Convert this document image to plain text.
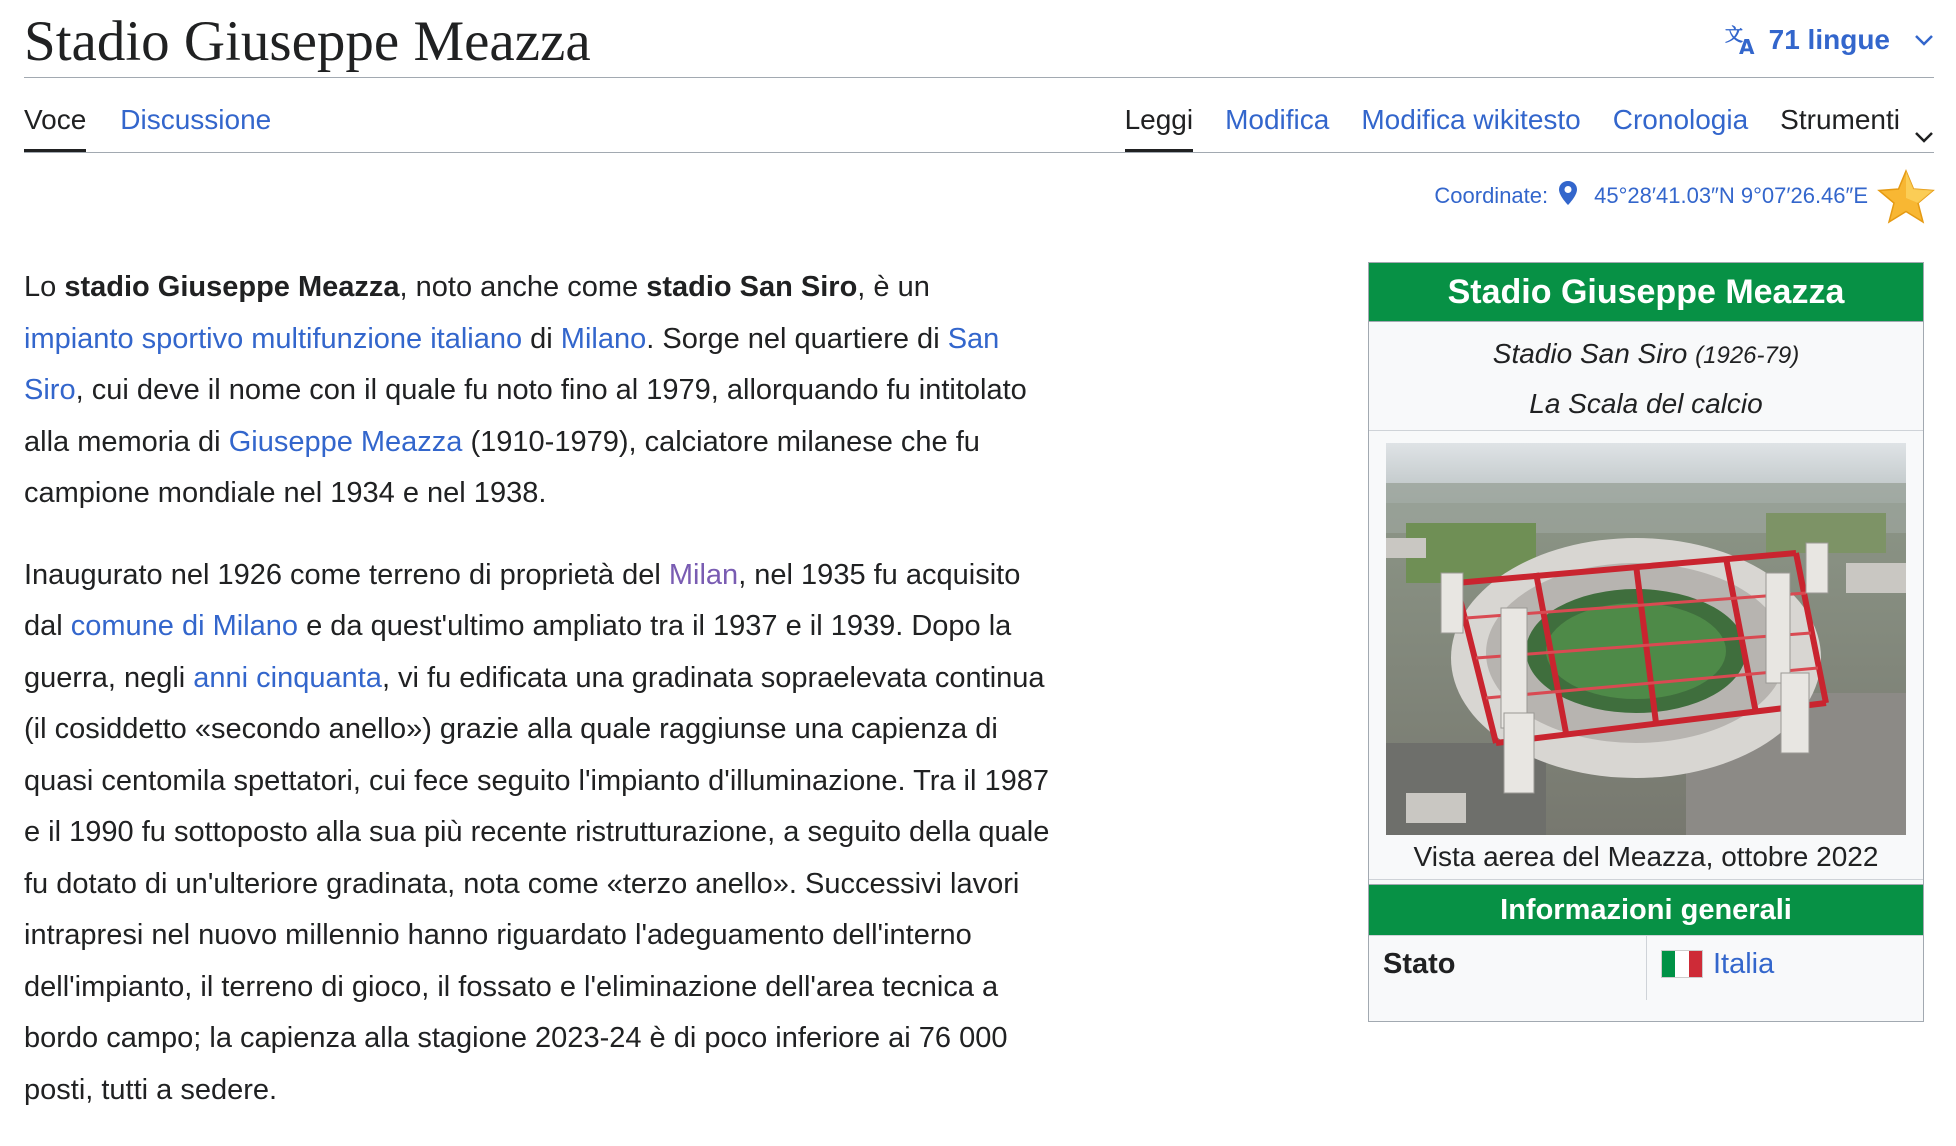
Stadio Giuseppe Meazza	文
A 71 lingue
Voce Discussione	Leggi Modifica Modifica wikitesto Cronologia Strumenti
Coordinate: 45°28′41.03″N 9°07′26.46″E

Lo stadio Giuseppe Meazza, noto anche come stadio San Siro, è un impianto sportivo multifunzione italiano di Milano. Sorge nel quartiere di San Siro, cui deve il nome con il quale fu noto fino al 1979, allorquando fu intitolato alla memoria di Giuseppe Meazza (1910-1979), calciatore milanese che fu campione mondiale nel 1934 e nel 1938.

Inaugurato nel 1926 come terreno di proprietà del Milan, nel 1935 fu acquisito dal comune di Milano e da quest'ultimo ampliato tra il 1937 e il 1939. Dopo la guerra, negli anni cinquanta, vi fu edificata una gradinata sopraelevata continua (il cosiddetto «secondo anello») grazie alla quale raggiunse una capienza di quasi centomila spettatori, cui fece seguito l'impianto d'illuminazione. Tra il 1987 e il 1990 fu sottoposto alla sua più recente ristrutturazione, a seguito della quale fu dotato di un'ulteriore gradinata, nota come «terzo anello». Successivi lavori intrapresi nel nuovo millennio hanno riguardato l'adeguamento dell'interno dell'impianto, il terreno di gioco, il fossato e l'eliminazione dell'area tecnica a bordo campo; la capienza alla stagione 2023-24 è di poco inferiore ai 76 000 posti, tutti a sedere.

Stadio Giuseppe Meazza
Stadio San Siro (1926-79)
La Scala del calcio
Vista aerea del Meazza, ottobre 2022
Informazioni generali
Stato	Italia
